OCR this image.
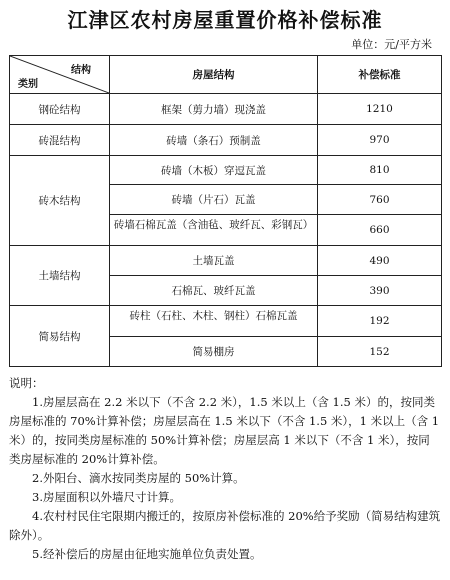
江津区农村房屋重置价格补偿标准
单位：元/平方米
结构
类别	房屋结构	补偿标准
钢砼结构	框架（剪力墙）现浇盖	1210
砖混结构	砖墙（条石）预制盖	970
砖木结构	砖墙（木板）穿逗瓦盖	810
	砖墙（片石）瓦盖	760

	砖墙石棉瓦盖（含油毡、玻纤瓦、彩钢瓦）	660
土墙结构	土墙瓦盖	490
	石棉瓦、玻纤瓦盖	390
简易结构	砖柱（石柱、木柱、钢柱）石棉瓦盖	192
	简易棚房	152

说明：

1.房屋层高在 2.2 米以下（不含 2.2 米），1.5 米以上（含 1.5 米）的，按同类房屋标准的 70%计算补偿；房屋层高在 1.5 米以下（不含 1.5 米），1 米以上（含 1 米）的，按同类房屋标准的 50%计算补偿；房屋层高 1 米以下（不含 1 米），按同类房屋标准的 20%计算补偿。

2.外阳台、滴水按同类房屋的 50%计算。

3.房屋面积以外墙尺寸计算。

4.农村村民住宅限期内搬迁的，按原房补偿标准的 20%给予奖励（简易结构建筑除外）。

5.经补偿后的房屋由征地实施单位负责处置。
